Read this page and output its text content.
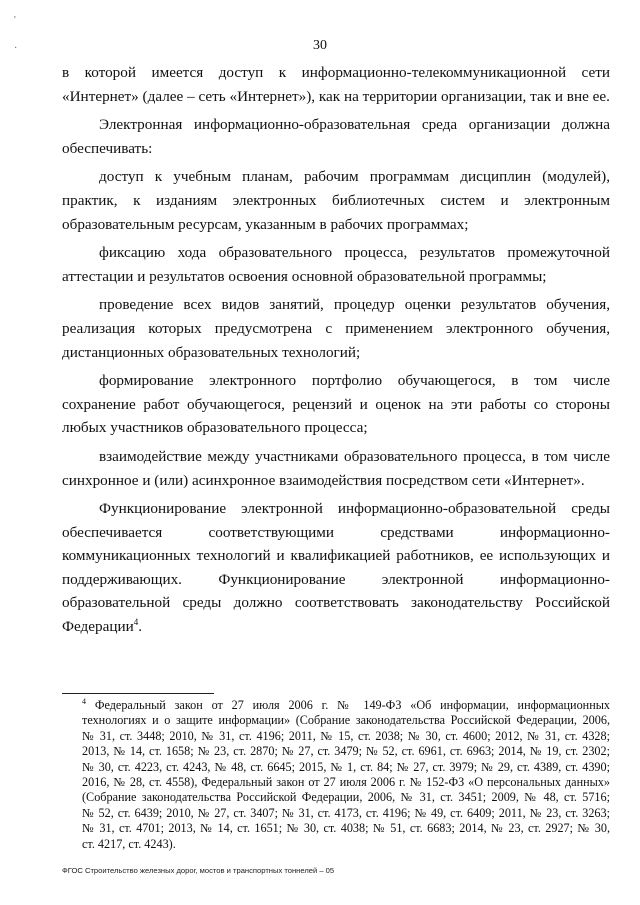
'
·	30

в которой имеется доступ к информационно-телекоммуникационной сети
«Интернет» (далее – сеть «Интернет»), как на территории организации, так и вне ее.

Электронная информационно-образовательная среда организации должна
обеспечивать:

доступ к учебным планам, рабочим программам дисциплин (модулей),
практик, к изданиям электронных библиотечных систем и электронным
образовательным ресурсам, указанным в рабочих программах;

фиксацию хода образовательного процесса, результатов промежуточной
аттестации и результатов освоения основной образовательной программы;

проведение всех видов занятий, процедур оценки результатов обучения,
реализация которых предусмотрена с применением электронного обучения,
дистанционных образовательных технологий;

формирование электронного портфолио обучающегося, в том числе
сохранение работ обучающегося, рецензий и оценок на эти работы со стороны
любых участников образовательного процесса;

взаимодействие между участниками образовательного процесса, в том числе
синхронное и (или) асинхронное взаимодействия посредством сети «Интернет».

Функционирование электронной информационно-образовательной среды
обеспечивается соответствующими средствами информационно-
коммуникационных технологий и квалификацией работников, ее использующих и
поддерживающих. Функционирование электронной информационно-
образовательной среды должно соответствовать законодательству Российской
Федерации$^4$.

$^4$ Федеральный закон от 27 июля 2006 г. № 149-ФЗ «Об информации, информационных
технологиях и о защите информации» (Собрание законодательства Российской Федерации, 2006,
№ 31, ст. 3448; 2010, № 31, ст. 4196; 2011, № 15, ст. 2038; № 30, ст. 4600; 2012, № 31, ст. 4328;
2013, № 14, ст. 1658; № 23, ст. 2870; № 27, ст. 3479; № 52, ст. 6961, ст. 6963; 2014, № 19, ст. 2302;
№ 30, ст. 4223, ст. 4243, № 48, ст. 6645; 2015, № 1, ст. 84; № 27, ст. 3979; № 29, ст. 4389, ст. 4390;
2016, № 28, ст. 4558), Федеральный закон от 27 июля 2006 г. № 152-ФЗ «О персональных данных»
(Собрание законодательства Российской Федерации, 2006, № 31, ст. 3451; 2009, № 48, ст. 5716;
№ 52, ст. 6439; 2010, № 27, ст. 3407; № 31, ст. 4173, ст. 4196; № 49, ст. 6409; 2011, № 23, ст. 3263;
№ 31, ст. 4701; 2013, № 14, ст. 1651; № 30, ст. 4038; № 51, ст. 6683; 2014, № 23, ст. 2927; № 30,
ст. 4217, ст. 4243).
ФГОС Строительство железных дорог, мостов и транспортных тоннелей – 05
